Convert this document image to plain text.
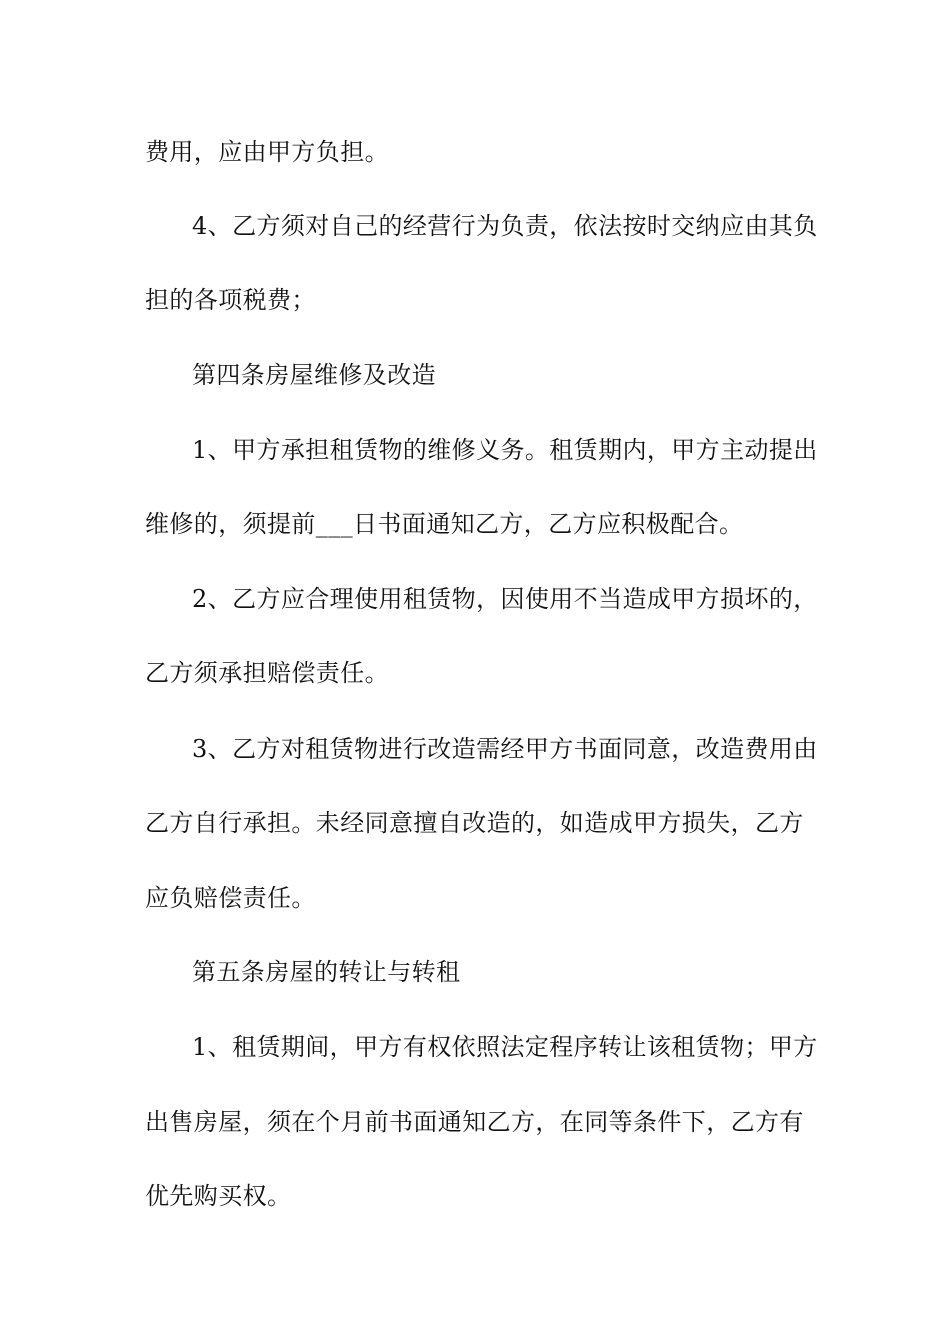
费用，应由甲方负担。
4、乙方须对自己的经营行为负责，依法按时交纳应由其负
担的各项税费；
第四条房屋维修及改造
1、甲方承担租赁物的维修义务。租赁期内，甲方主动提出
维修的，须提前___日书面通知乙方，乙方应积极配合。
2、乙方应合理使用租赁物，因使用不当造成甲方损坏的，
乙方须承担赔偿责任。
3、乙方对租赁物进行改造需经甲方书面同意，改造费用由
乙方自行承担。未经同意擅自改造的，如造成甲方损失，乙方
应负赔偿责任。
第五条房屋的转让与转租
1、租赁期间，甲方有权依照法定程序转让该租赁物；甲方
出售房屋，须在个月前书面通知乙方，在同等条件下，乙方有
优先购买权。
